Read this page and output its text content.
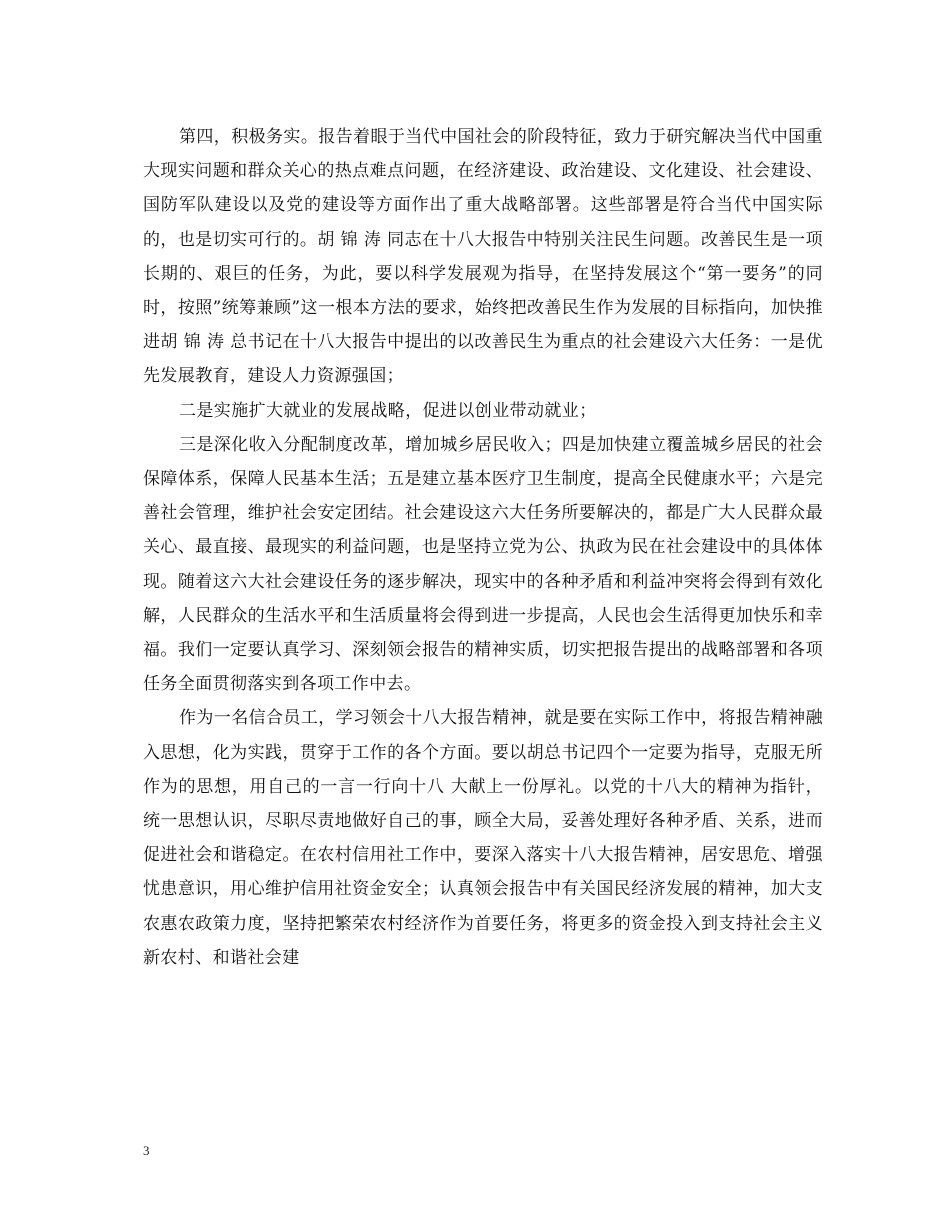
第四，积极务实。报告着眼于当代中国社会的阶段特征，致力于研究解决当代中国重大现实问题和群众关心的热点难点问题，在经济建设、政治建设、文化建设、社会建设、国防军队建设以及党的建设等方面作出了重大战略部署。这些部署是符合当代中国实际的，也是切实可行的。胡 锦 涛 同志在十八大报告中特别关注民生问题。改善民生是一项长期的、艰巨的任务，为此，要以科学发展观为指导，在坚持发展这个“第一要务”的同时，按照”统筹兼顾”这一根本方法的要求，始终把改善民生作为发展的目标指向，加快推进胡 锦 涛 总书记在十八大报告中提出的以改善民生为重点的社会建设六大任务：一是优先发展教育，建设人力资源强国；

二是实施扩大就业的发展战略，促进以创业带动就业；

三是深化收入分配制度改革，增加城乡居民收入；四是加快建立覆盖城乡居民的社会保障体系，保障人民基本生活；五是建立基本医疗卫生制度，提高全民健康水平；六是完善社会管理，维护社会安定团结。社会建设这六大任务所要解决的，都是广大人民群众最关心、最直接、最现实的利益问题，也是坚持立党为公、执政为民在社会建设中的具体体现。随着这六大社会建设任务的逐步解决，现实中的各种矛盾和利益冲突将会得到有效化解，人民群众的生活水平和生活质量将会得到进一步提高，人民也会生活得更加快乐和幸福。我们一定要认真学习、深刻领会报告的精神实质，切实把报告提出的战略部署和各项任务全面贯彻落实到各项工作中去。

作为一名信合员工，学习领会十八大报告精神，就是要在实际工作中，将报告精神融入思想，化为实践，贯穿于工作的各个方面。要以胡总书记四个一定要为指导，克服无所作为的思想，用自己的一言一行向十八 大献上一份厚礼。以党的十八大的精神为指针，统一思想认识，尽职尽责地做好自己的事，顾全大局，妥善处理好各种矛盾、关系，进而促进社会和谐稳定。在农村信用社工作中，要深入落实十八大报告精神，居安思危、增强忧患意识，用心维护信用社资金安全；认真领会报告中有关国民经济发展的精神，加大支农惠农政策力度，坚持把繁荣农村经济作为首要任务，将更多的资金投入到支持社会主义新农村、和谐社会建

3
